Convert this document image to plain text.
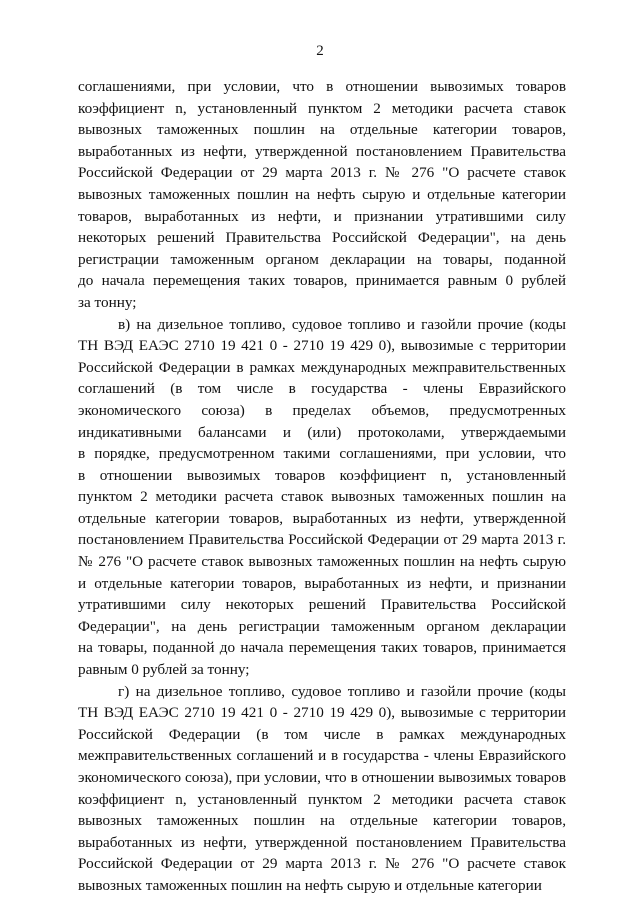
2
соглашениями, при условии, что в отношении вывозимых товаров
коэффициент n, установленный пунктом 2 методики расчета ставок
вывозных таможенных пошлин на отдельные категории товаров,
выработанных из нефти, утвержденной постановлением Правительства
Российской Федерации от 29 марта 2013 г. № 276 "О расчете ставок
вывозных таможенных пошлин на нефть сырую и отдельные категории
товаров, выработанных из нефти, и признании утратившими силу
некоторых решений Правительства Российской Федерации", на день
регистрации таможенным органом декларации на товары, поданной
до начала перемещения таких товаров, принимается равным 0 рублей
за тонну;
в) на дизельное топливо, судовое топливо и газойли прочие (коды
ТН ВЭД ЕАЭС 2710 19 421 0 - 2710 19 429 0), вывозимые с территории
Российской Федерации в рамках международных межправительственных
соглашений (в том числе в государства - члены Евразийского
экономического союза) в пределах объемов, предусмотренных
индикативными балансами и (или) протоколами, утверждаемыми
в порядке, предусмотренном такими соглашениями, при условии, что
в отношении вывозимых товаров коэффициент n, установленный
пунктом 2 методики расчета ставок вывозных таможенных пошлин на
отдельные категории товаров, выработанных из нефти, утвержденной
постановлением Правительства Российской Федерации от 29 марта 2013 г.
№ 276 "О расчете ставок вывозных таможенных пошлин на нефть сырую
и отдельные категории товаров, выработанных из нефти, и признании
утратившими силу некоторых решений Правительства Российской
Федерации", на день регистрации таможенным органом декларации
на товары, поданной до начала перемещения таких товаров, принимается
равным 0 рублей за тонну;
г) на дизельное топливо, судовое топливо и газойли прочие (коды
ТН ВЭД ЕАЭС 2710 19 421 0 - 2710 19 429 0), вывозимые с территории
Российской Федерации (в том числе в рамках международных
межправительственных соглашений и в государства - члены Евразийского
экономического союза), при условии, что в отношении вывозимых товаров
коэффициент n, установленный пунктом 2 методики расчета ставок
вывозных таможенных пошлин на отдельные категории товаров,
выработанных из нефти, утвержденной постановлением Правительства
Российской Федерации от 29 марта 2013 г. № 276 "О расчете ставок
вывозных таможенных пошлин на нефть сырую и отдельные категории
